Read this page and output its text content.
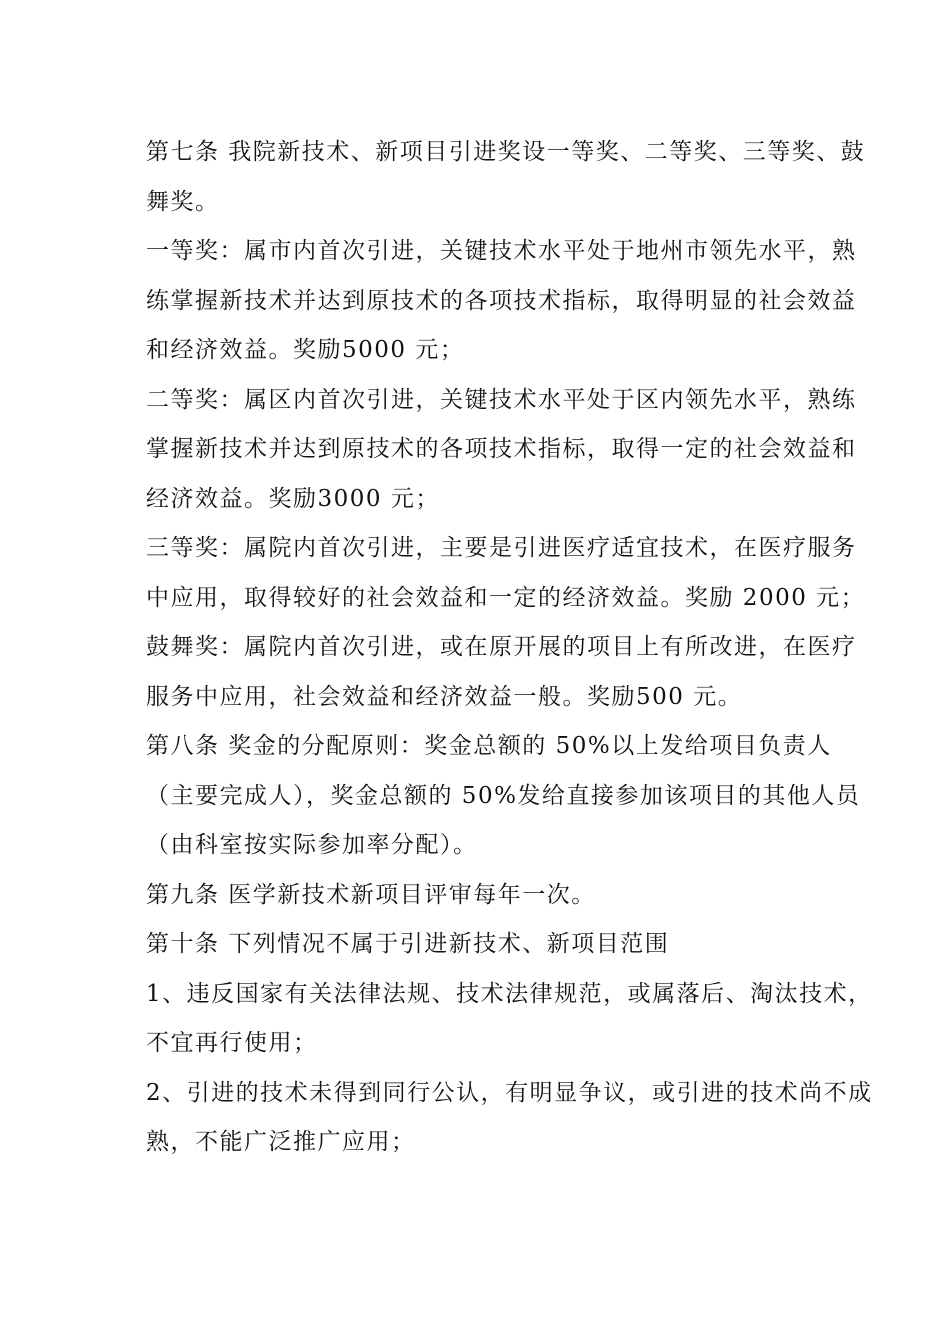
第七条 我院新技术、新项目引进奖设一等奖、二等奖、三等奖、鼓舞奖。

一等奖：属市内首次引进，关键技术水平处于地州市领先水平，熟练掌握新技术并达到原技术的各项技术指标，取得明显的社会效益和经济效益。奖励5000 元；

二等奖：属区内首次引进，关键技术水平处于区内领先水平，熟练掌握新技术并达到原技术的各项技术指标，取得一定的社会效益和经济效益。奖励3000 元；

三等奖：属院内首次引进，主要是引进医疗适宜技术，在医疗服务中应用，取得较好的社会效益和一定的经济效益。奖励 2000 元；

鼓舞奖：属院内首次引进，或在原开展的项目上有所改进，在医疗服务中应用，社会效益和经济效益一般。奖励500 元。

第八条 奖金的分配原则：奖金总额的 50%以上发给项目负责人（主要完成人），奖金总额的 50%发给直接参加该项目的其他人员（由科室按实际参加率分配）。

第九条 医学新技术新项目评审每年一次。

第十条 下列情况不属于引进新技术、新项目范围

1、违反国家有关法律法规、技术法律规范，或属落后、淘汰技术，不宜再行使用；

2、引进的技术未得到同行公认，有明显争议，或引进的技术尚不成熟，不能广泛推广应用；
